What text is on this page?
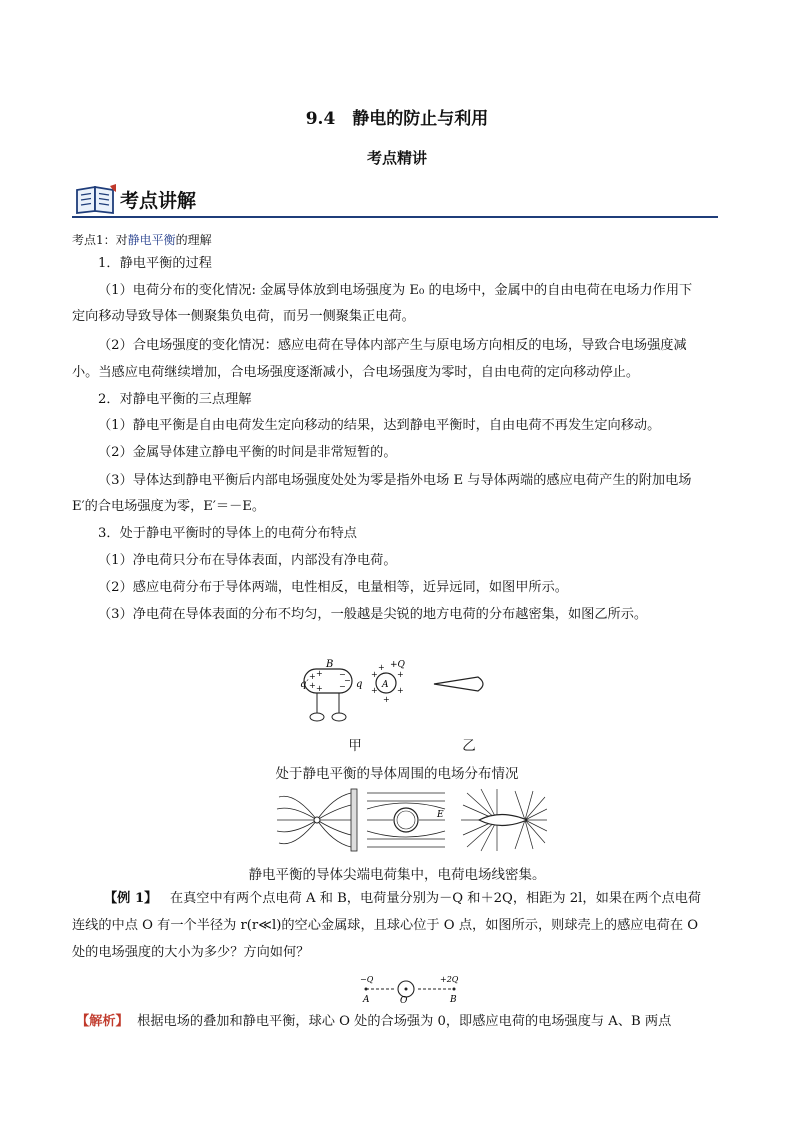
9.4　静电的防止与利用
考点精讲
考点讲解
考点1：对静电平衡的理解
1．静电平衡的过程
（1）电荷分布的变化情况: 金属导体放到电场强度为 E₀ 的电场中，金属中的自由电荷在电场力作用下
定向移动导致导体一侧聚集负电荷，而另一侧聚集正电荷。
（2）合电场强度的变化情况：感应电荷在导体内部产生与原电场方向相反的电场，导致合电场强度减
小。当感应电荷继续增加，合电场强度逐渐减小，合电场强度为零时，自由电荷的定向移动停止。
2．对静电平衡的三点理解
（1）静电平衡是自由电荷发生定向移动的结果，达到静电平衡时，自由电荷不再发生定向移动。
（2）金属导体建立静电平衡的时间是非常短暂的。
（3）导体达到静电平衡后内部电场强度处处为零是指外电场 E 与导体两端的感应电荷产生的附加电场
E′的合电场强度为零，E′＝－E。
3．处于静电平衡时的导体上的电荷分布特点
（1）净电荷只分布在导体表面，内部没有净电荷。
（2）感应电荷分布于导体两端，电性相反，电量相等，近异远同，如图甲所示。
（3）净电荷在导体表面的分布不均匀，一般越是尖锐的地方电荷的分布越密集，如图乙所示。
q′
B
q
+
+
+
+
−
−
−	A
+Q
+
+
+
+
+
+
甲	乙
处于静电平衡的导体周围的电场分布情况
E
静电平衡的导体尖端电荷集中，电荷电场线密集。
【例 1】 在真空中有两个点电荷 A 和 B，电荷量分别为－Q 和＋2Q，相距为 2l，如果在两个点电荷
连线的中点 O 有一个半径为 r(r≪l)的空心金属球，且球心位于 O 点，如图所示，则球壳上的感应电荷在 O
处的电场强度的大小为多少？方向如何？
−Q	+2Q
A	O	B
【解析】 根据电场的叠加和静电平衡，球心 O 处的合场强为 0，即感应电荷的电场强度与 A、B 两点
